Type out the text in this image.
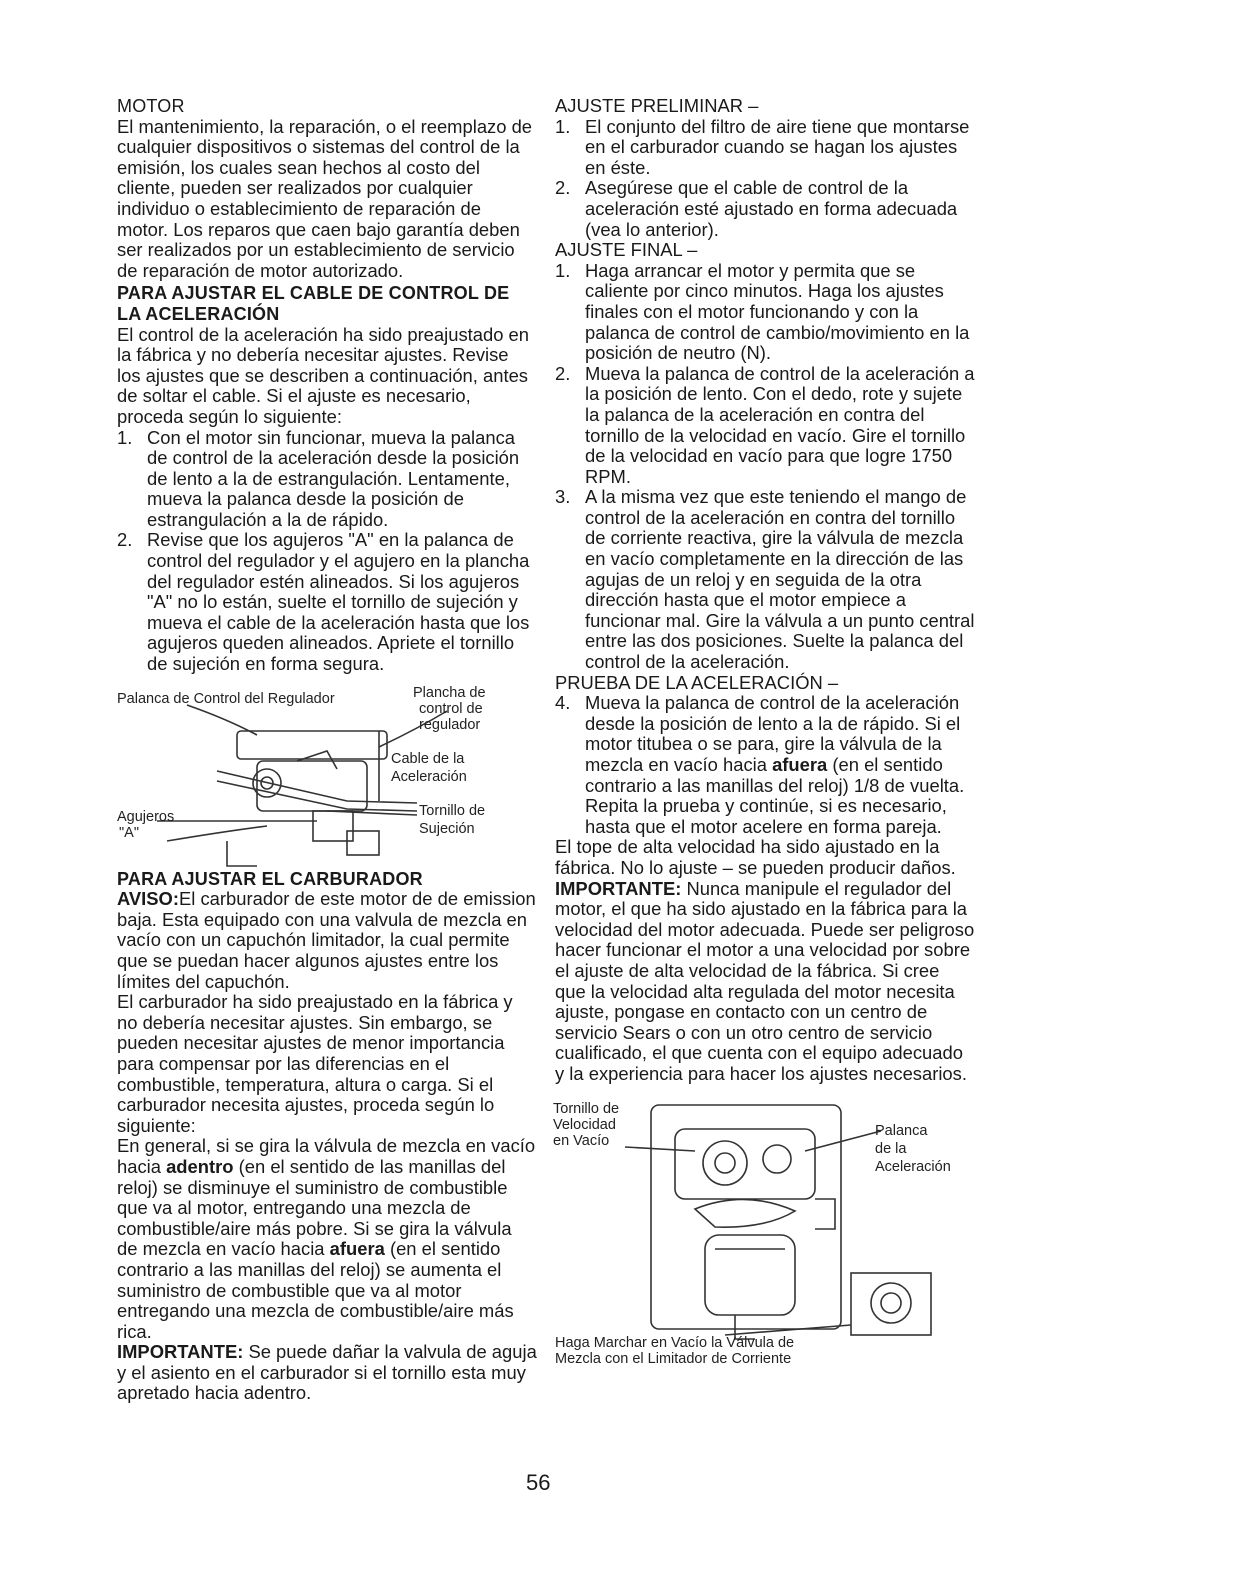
MOTOR

El mantenimiento, la reparación, o el reemplazo de cualquier dispositivos o sistemas del control de la emisión, los cuales sean hechos al costo del cliente, pueden ser realizados por cualquier individuo o establecimiento de reparación de motor. Los reparos que caen bajo garantía deben ser realizados por un establecimiento de servicio de reparación de motor autorizado.

PARA AJUSTAR EL CABLE DE CONTROL DE LA ACELERACIÓN

El control de la aceleración ha sido preajustado en la fábrica y no debería necesitar ajustes. Revise los ajustes que se describen a continuación, antes de soltar el cable. Si el ajuste es necesario, proceda según lo siguiente:

1. Con el motor sin funcionar, mueva la palanca de control de la aceleración desde la posición de lento a la de estrangulación. Lentamente, mueva la palanca desde la posición de estrangulación a la de rápido.
2. Revise que los agujeros "A" en la palanca de control del regulador y el agujero en la plancha del regulador estén alineados. Si los agujeros "A" no lo están, suelte el tornillo de sujeción y mueva el cable de la aceleración hasta que los agujeros queden alineados. Apriete el tornillo de sujeción en forma segura.
Palanca de Control del Regulador	Plancha de
control de
regulador
Cable de la
Aceleración
Agujeros
"A"
Tornillo de
Sujeción

PARA AJUSTAR EL CARBURADOR

AVISO:El carburador de este motor de de emission baja. Esta equipado con una valvula de mezcla en vacío con un capuchón limitador, la cual permite que se puedan hacer algunos ajustes entre los límites del capuchón.

El carburador ha sido preajustado en la fábrica y no debería necesitar ajustes. Sin embargo, se pueden necesitar ajustes de menor importancia para compensar por las diferencias en el combustible, temperatura, altura o carga. Si el carburador necesita ajustes, proceda según lo siguiente:

En general, si se gira la válvula de mezcla en vacío hacia adentro (en el sentido de las manillas del reloj) se disminuye el suministro de combustible que va al motor, entregando una mezcla de combustible/aire más pobre. Si se gira la válvula de mezcla en vacío hacia afuera (en el sentido contrario a las manillas del reloj) se aumenta el suministro de combustible que va al motor entregando una mezcla de combustible/aire más rica.

IMPORTANTE: Se puede dañar la valvula de aguja y el asiento en el carburador si el tornillo esta muy apretado hacia adentro.

AJUSTE PRELIMINAR –

1. El conjunto del filtro de aire tiene que montarse en el carburador cuando se hagan los ajustes en éste.
2. Asegúrese que el cable de control de la aceleración esté ajustado en forma adecuada (vea lo anterior).

AJUSTE FINAL –

1. Haga arrancar el motor y permita que se caliente por cinco minutos. Haga los ajustes finales con el motor funcionando y con la palanca de control de cambio/movimiento en la posición de neutro (N).
2. Mueva la palanca de control de la aceleración a la posición de lento. Con el dedo, rote y sujete la palanca de la aceleración en contra del tornillo de la velocidad en vacío. Gire el tornillo de la velocidad en vacío para que logre 1750 RPM.
3. A la misma vez que este teniendo el mango de control de la aceleración en contra del tornillo de corriente reactiva, gire la válvula de mezcla en vacío completamente en la dirección de las agujas de un reloj y en seguida de la otra dirección hasta que el motor empiece a funcionar mal. Gire la válvula a un punto central entre las dos posiciones. Suelte la palanca del control de la aceleración.

PRUEBA DE LA ACELERACIÓN –

4. Mueva la palanca de control de la aceleración desde la posición de lento a la de rápido. Si el motor titubea o se para, gire la válvula de la mezcla en vacío hacia afuera (en el sentido contrario a las manillas del reloj) 1/8 de vuelta. Repita la prueba y continúe, si es necesario, hasta que el motor acelere en forma pareja.

El tope de alta velocidad ha sido ajustado en la fábrica. No lo ajuste – se pueden producir daños.

IMPORTANTE: Nunca manipule el regulador del motor, el que ha sido ajustado en la fábrica para la velocidad del motor adecuada. Puede ser peligroso hacer funcionar el motor a una velocidad por sobre el ajuste de alta velocidad de la fábrica. Si cree que la velocidad alta regulada del motor necesita ajuste, pongase en contacto con un centro de servicio Sears o con un otro centro de servicio cualificado, el que cuenta con el equipo adecuado y la experiencia para hacer los ajustes necesarios.

Tornillo de
Velocidad
en Vacío
Palanca
de la
Aceleración
Haga Marchar en Vacío la Válvula de
Mezcla con el Limitador de Corriente
56
